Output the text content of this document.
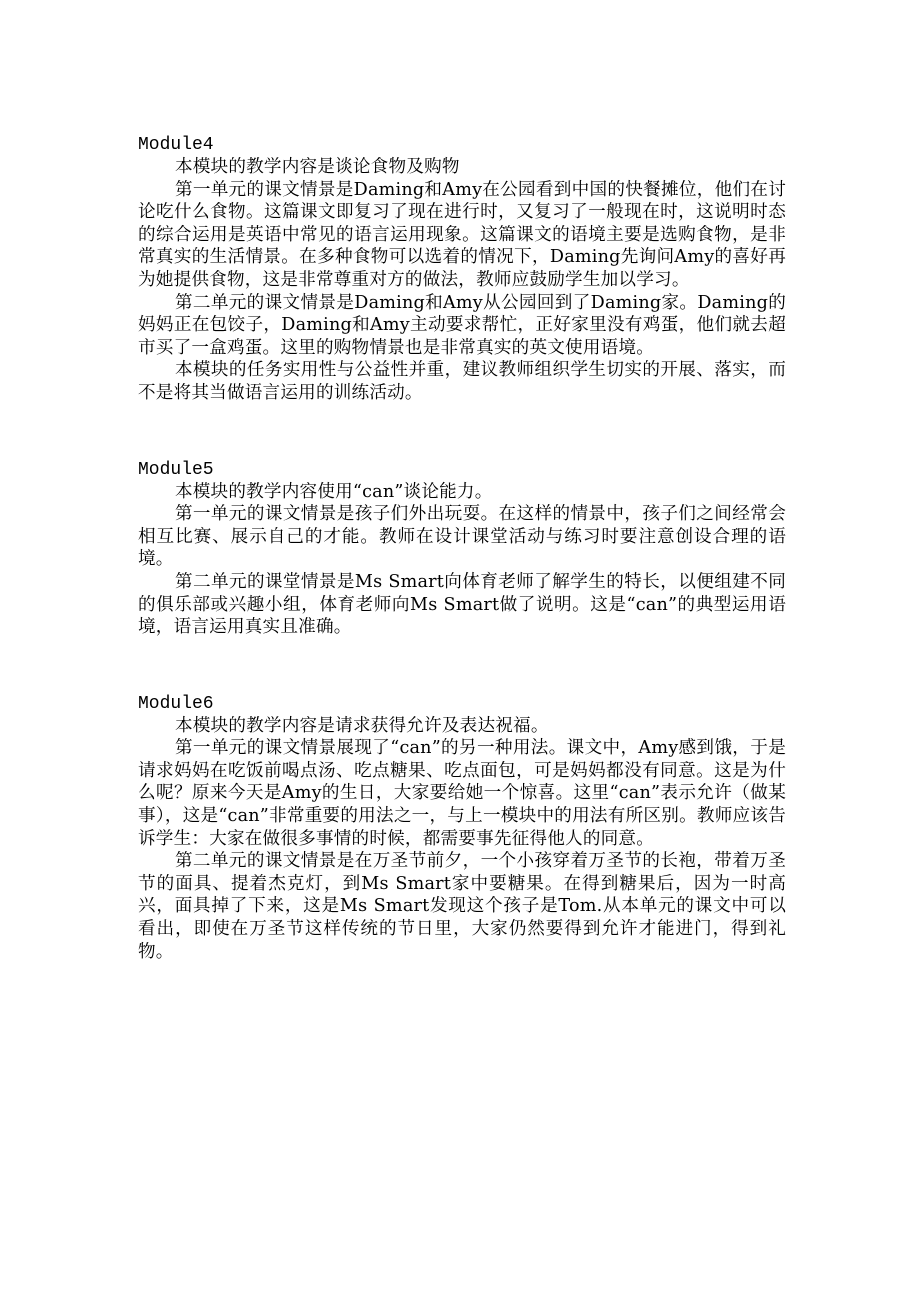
Module4

本模块的教学内容是谈论食物及购物

第一单元的课文情景是Daming和Amy在公园看到中国的快餐摊位，他们在讨论吃什么食物。这篇课文即复习了现在进行时，又复习了一般现在时，这说明时态的综合运用是英语中常见的语言运用现象。这篇课文的语境主要是选购食物，是非常真实的生活情景。在多种食物可以选着的情况下，Daming先询问Amy的喜好再为她提供食物，这是非常尊重对方的做法，教师应鼓励学生加以学习。

第二单元的课文情景是Daming和Amy从公园回到了Daming家。Daming的妈妈正在包饺子，Daming和Amy主动要求帮忙，正好家里没有鸡蛋，他们就去超市买了一盒鸡蛋。这里的购物情景也是非常真实的英文使用语境。

本模块的任务实用性与公益性并重，建议教师组织学生切实的开展、落实，而不是将其当做语言运用的训练活动。

Module5

本模块的教学内容使用“can”谈论能力。

第一单元的课文情景是孩子们外出玩耍。在这样的情景中，孩子们之间经常会相互比赛、展示自己的才能。教师在设计课堂活动与练习时要注意创设合理的语境。

第二单元的课堂情景是Ms Smart向体育老师了解学生的特长，以便组建不同的俱乐部或兴趣小组，体育老师向Ms Smart做了说明。这是“can”的典型运用语境，语言运用真实且准确。

Module6

本模块的教学内容是请求获得允许及表达祝福。

第一单元的课文情景展现了“can”的另一种用法。课文中，Amy感到饿，于是请求妈妈在吃饭前喝点汤、吃点糖果、吃点面包，可是妈妈都没有同意。这是为什么呢？原来今天是Amy的生日，大家要给她一个惊喜。这里“can”表示允许（做某事），这是“can”非常重要的用法之一，与上一模块中的用法有所区别。教师应该告诉学生：大家在做很多事情的时候，都需要事先征得他人的同意。

第二单元的课文情景是在万圣节前夕，一个小孩穿着万圣节的长袍，带着万圣节的面具、提着杰克灯，到Ms Smart家中要糖果。在得到糖果后，因为一时高兴，面具掉了下来，这是Ms Smart发现这个孩子是Tom.从本单元的课文中可以看出，即使在万圣节这样传统的节日里，大家仍然要得到允许才能进门，得到礼物。
